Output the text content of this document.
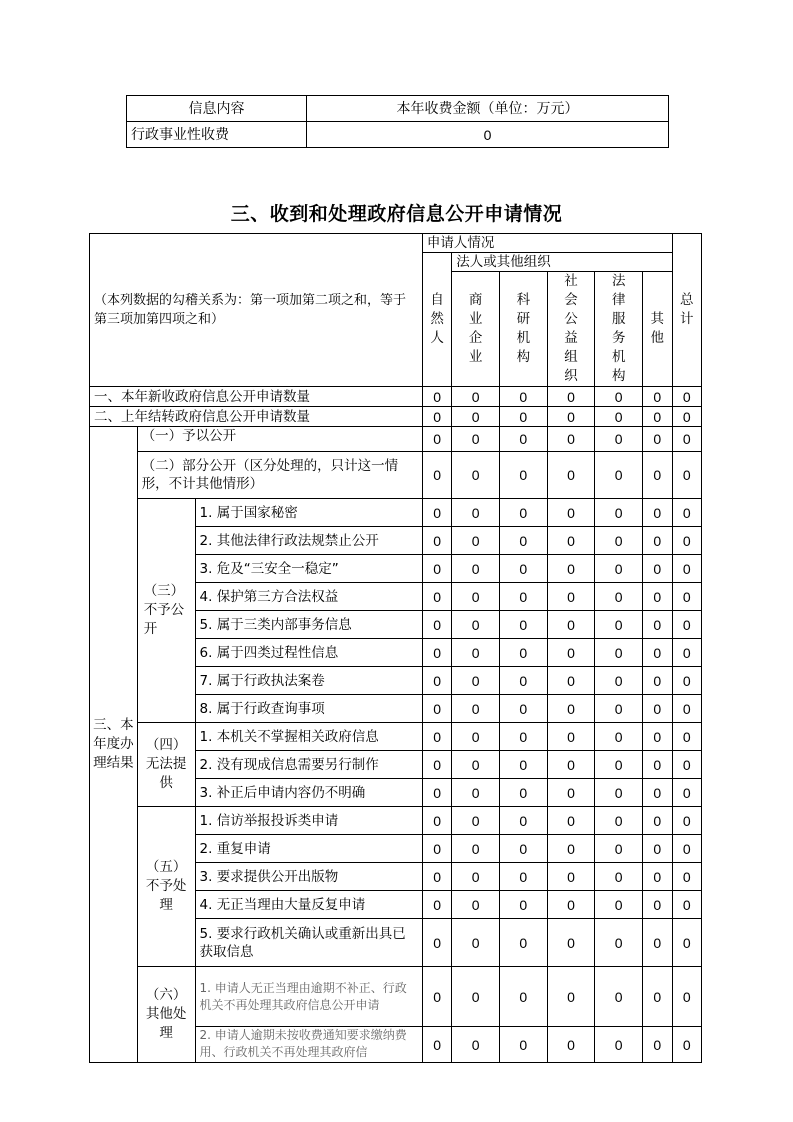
信息内容	本年收费金额（单位：万元）
行政事业性收费	0
三、收到和处理政府信息公开申请情况
（本列数据的勾稽关系为：第一项加第二项之和，等于第三项加第四项之和）			申请人情况						总计
			自然人	法人或其他组织					
				商业企业	科研机构	社会公益组织	法律服务机构	其他	
一、本年新收政府信息公开申请数量			0	0	0	0	0	0	0
二、上年结转政府信息公开申请数量			0	0	0	0	0	0	0
三、本年度办理结果	（一）予以公开		0	0	0	0	0	0	0
	（二）部分公开（区分处理的，只计这一情形，不计其他情形）		0	0	0	0	0	0	0
	（三）不予公开	1. 属于国家秘密	0	0	0	0	0	0	0
		2. 其他法律行政法规禁止公开	0	0	0	0	0	0	0
		3. 危及“三安全一稳定”	0	0	0	0	0	0	0
		4. 保护第三方合法权益	0	0	0	0	0	0	0
		5. 属于三类内部事务信息	0	0	0	0	0	0	0
		6. 属于四类过程性信息	0	0	0	0	0	0	0
		7. 属于行政执法案卷	0	0	0	0	0	0	0
		8. 属于行政查询事项	0	0	0	0	0	0	0
	（四）无法提供	1. 本机关不掌握相关政府信息	0	0	0	0	0	0	0
		2. 没有现成信息需要另行制作	0	0	0	0	0	0	0
		3. 补正后申请内容仍不明确	0	0	0	0	0	0	0
	（五）不予处理	1. 信访举报投诉类申请	0	0	0	0	0	0	0
		2. 重复申请	0	0	0	0	0	0	0
		3. 要求提供公开出版物	0	0	0	0	0	0	0
		4. 无正当理由大量反复申请	0	0	0	0	0	0	0
		5. 要求行政机关确认或重新出具已获取信息	0	0	0	0	0	0	0
	（六）其他处理	1. 申请人无正当理由逾期不补正、行政机关不再处理其政府信息公开申请	0	0	0	0	0	0	0
		2. 申请人逾期未按收费通知要求缴纳费用、行政机关不再处理其政府信	0	0	0	0	0	0	0
